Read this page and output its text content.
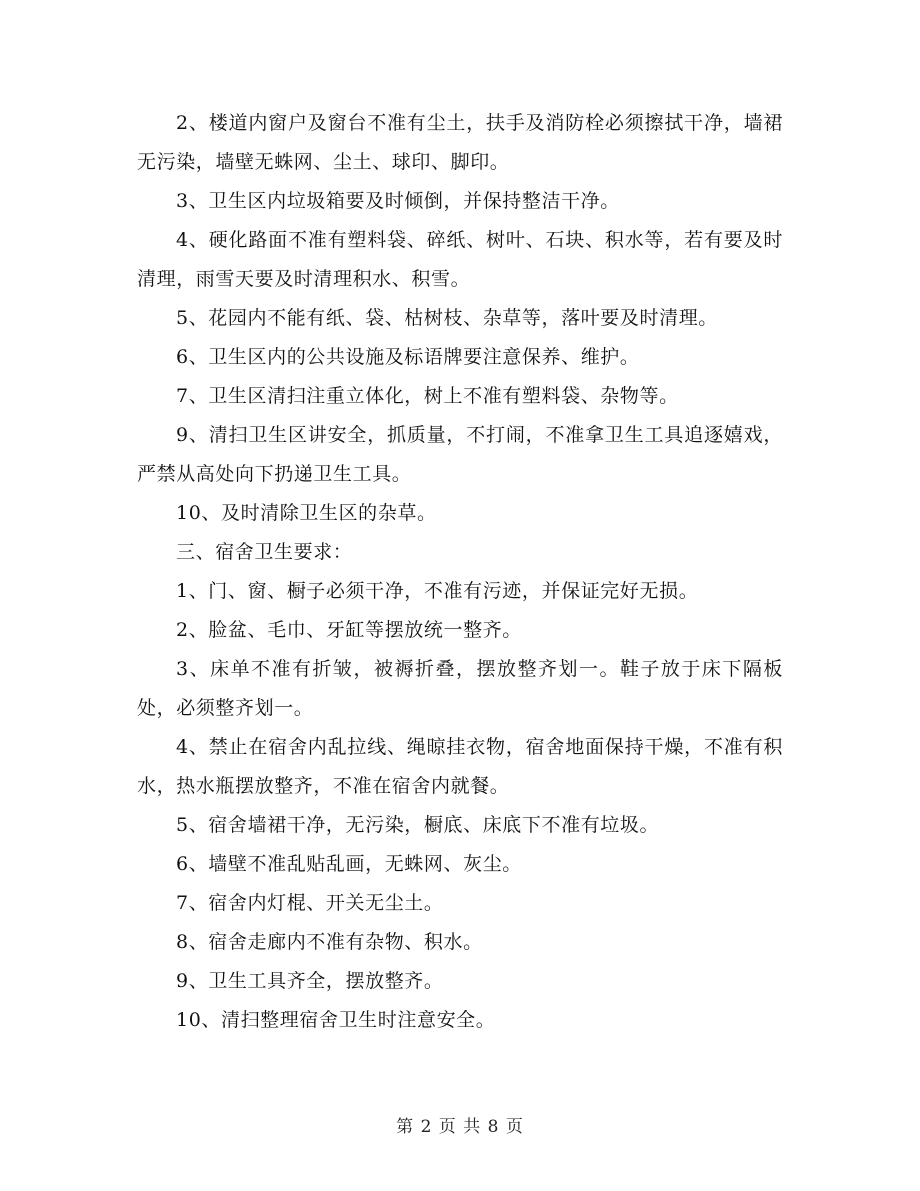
2、楼道内窗户及窗台不准有尘土，扶手及消防栓必须擦拭干净，墙裙无污染，墙壁无蛛网、尘土、球印、脚印。

3、卫生区内垃圾箱要及时倾倒，并保持整洁干净。

4、硬化路面不准有塑料袋、碎纸、树叶、石块、积水等，若有要及时清理，雨雪天要及时清理积水、积雪。

5、花园内不能有纸、袋、枯树枝、杂草等，落叶要及时清理。

6、卫生区内的公共设施及标语牌要注意保养、维护。

7、卫生区清扫注重立体化，树上不准有塑料袋、杂物等。

9、清扫卫生区讲安全，抓质量，不打闹，不准拿卫生工具追逐嬉戏，严禁从高处向下扔递卫生工具。

10、及时清除卫生区的杂草。

三、宿舍卫生要求：

1、门、窗、橱子必须干净，不准有污迹，并保证完好无损。

2、脸盆、毛巾、牙缸等摆放统一整齐。

3、床单不准有折皱，被褥折叠，摆放整齐划一。鞋子放于床下隔板处，必须整齐划一。

4、禁止在宿舍内乱拉线、绳晾挂衣物，宿舍地面保持干燥，不准有积水，热水瓶摆放整齐，不准在宿舍内就餐。

5、宿舍墙裙干净，无污染，橱底、床底下不准有垃圾。

6、墙壁不准乱贴乱画，无蛛网、灰尘。

7、宿舍内灯棍、开关无尘土。

8、宿舍走廊内不准有杂物、积水。

9、卫生工具齐全，摆放整齐。

10、清扫整理宿舍卫生时注意安全。

第 2 页 共 8 页
